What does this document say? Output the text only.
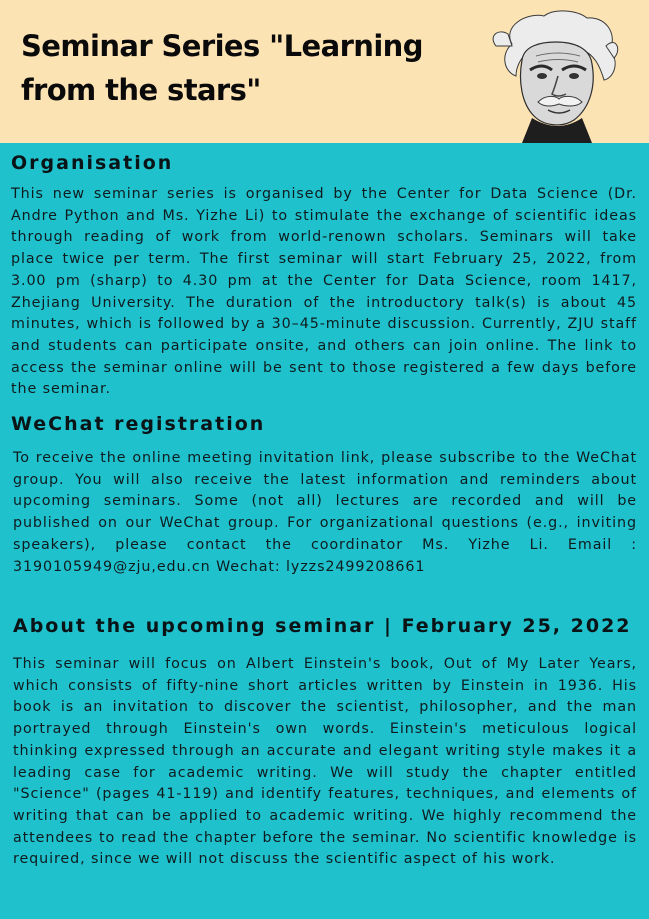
Seminar Series "Learning from the stars"
Organisation

This new seminar series is organised by the Center for Data Science (Dr. Andre Python and Ms. Yizhe Li) to stimulate the exchange of scientific ideas through reading of work from world-renown scholars. Seminars will take place twice per term. The first seminar will start February 25, 2022, from 3.00 pm (sharp) to 4.30 pm at the Center for Data Science, room 1417, Zhejiang University. The duration of the introductory talk(s) is about 45 minutes, which is followed by a 30–45-minute discussion. Currently, ZJU staff and students can participate onsite, and others can join online. The link to access the seminar online will be sent to those registered a few days before the seminar.

WeChat registration

To receive the online meeting invitation link, please subscribe to the WeChat group. You will also receive the latest information and reminders about upcoming seminars. Some (not all) lectures are recorded and will be published on our WeChat group. For organizational questions (e.g., inviting speakers), please contact the coordinator Ms. Yizhe Li. Email : 3190105949@zju,edu.cn Wechat: lyzzs2499208661

About the upcoming seminar | February 25, 2022

This seminar will focus on Albert Einstein's book, Out of My Later Years, which consists of fifty-nine short articles written by Einstein in 1936. His book is an invitation to discover the scientist, philosopher, and the man portrayed through Einstein's own words. Einstein's meticulous logical thinking expressed through an accurate and elegant writing style makes it a leading case for academic writing. We will study the chapter entitled "Science" (pages 41-119) and identify features, techniques, and elements of writing that can be applied to academic writing. We highly recommend the attendees to read the chapter before the seminar. No scientific knowledge is required, since we will not discuss the scientific aspect of his work.
